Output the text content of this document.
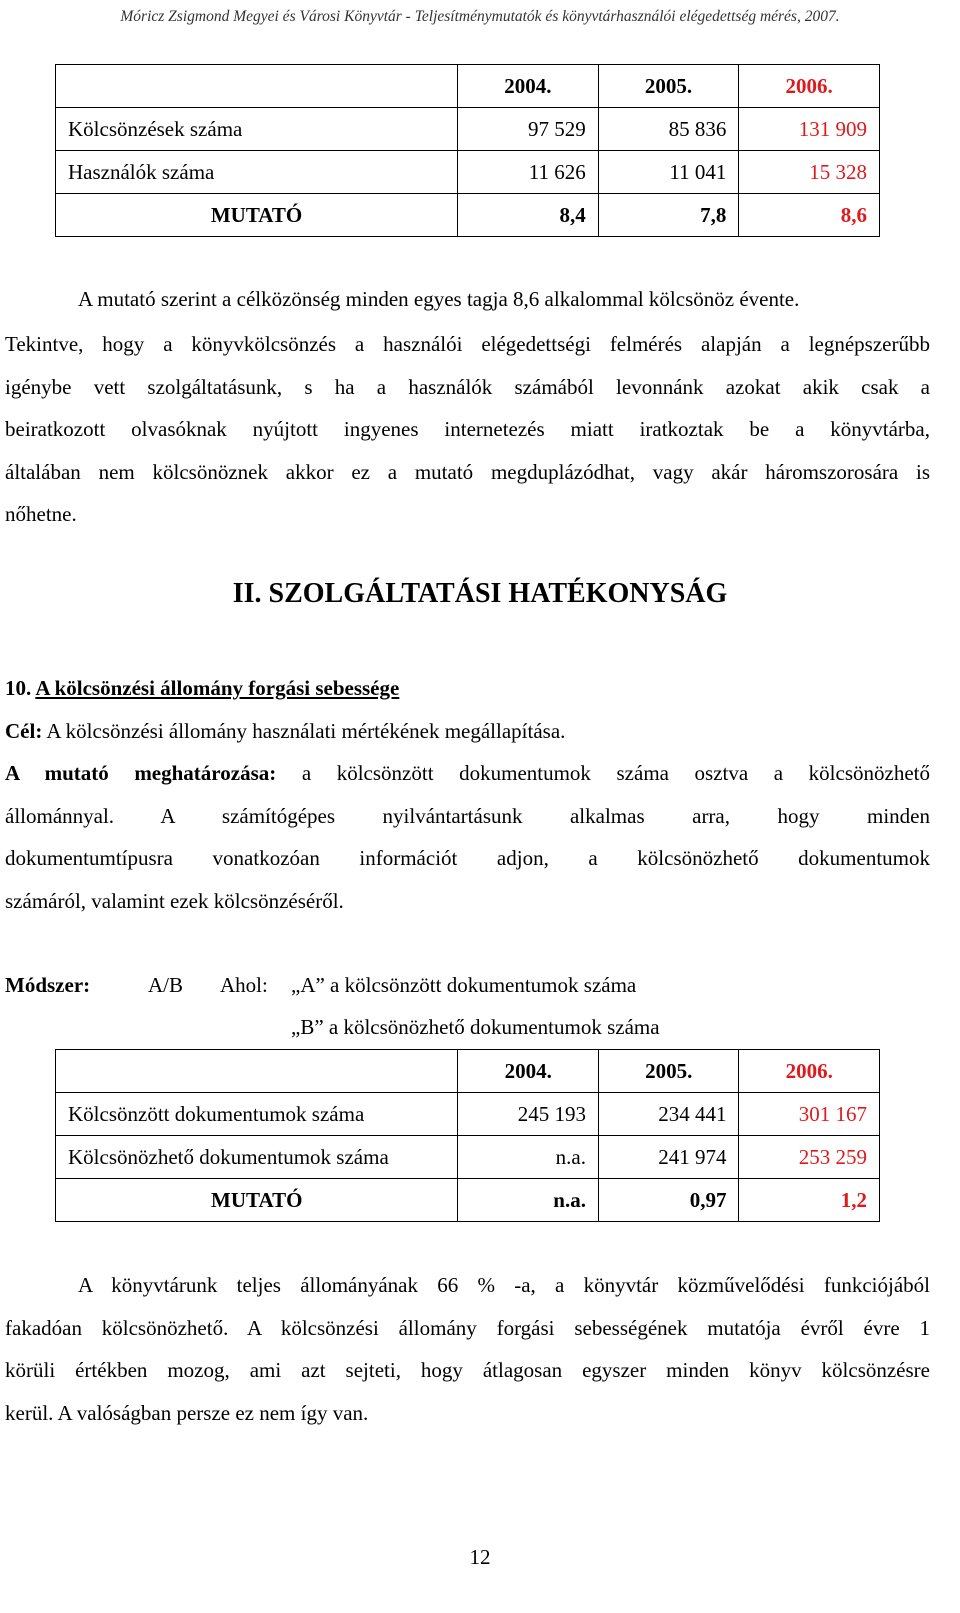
Móricz Zsigmond Megyei és Városi Könyvtár - Teljesítménymutatók és könyvtárhasználói elégedettség mérés, 2007.
	2004.	2005.	2006.
Kölcsönzések száma	97 529	85 836	131 909
Használók száma	11 626	11 041	15 328
MUTATÓ	8,4	7,8	8,6
A mutató szerint a célközönség minden egyes tagja 8,6 alkalommal kölcsönöz évente.
Tekintve, hogy a könyvkölcsönzés a használói elégedettségi felmérés alapján a legnépszerűbb
igénybe vett szolgáltatásunk, s ha a használók számából levonnánk azokat akik csak a
beiratkozott olvasóknak nyújtott ingyenes internetezés miatt iratkoztak be a könyvtárba,
általában nem kölcsönöznek akkor ez a mutató megduplázódhat, vagy akár háromszorosára is
nőhetne.
II. SZOLGÁLTATÁSI HATÉKONYSÁG
10. A kölcsönzési állomány forgási sebessége
Cél: A kölcsönzési állomány használati mértékének megállapítása.
A mutató meghatározása: a kölcsönzött dokumentumok száma osztva a kölcsönözhető
állománnyal. A számítógépes nyilvántartásunk alkalmas arra, hogy minden
dokumentumtípusra vonatkozóan információt adjon, a kölcsönözhető dokumentumok
számáról, valamint ezek kölcsönzéséről.
Módszer:	A/B Ahol: „A” a kölcsönzött dokumentumok száma
„B” a kölcsönözhető dokumentumok száma
	2004.	2005.	2006.
Kölcsönzött dokumentumok száma	245 193	234 441	301 167
Kölcsönözhető dokumentumok száma	n.a.	241 974	253 259
MUTATÓ	n.a.	0,97	1,2
A könyvtárunk teljes állományának 66 % -a, a könyvtár közművelődési funkciójából
fakadóan kölcsönözhető. A kölcsönzési állomány forgási sebességének mutatója évről évre 1
körüli értékben mozog, ami azt sejteti, hogy átlagosan egyszer minden könyv kölcsönzésre
kerül. A valóságban persze ez nem így van.
12
